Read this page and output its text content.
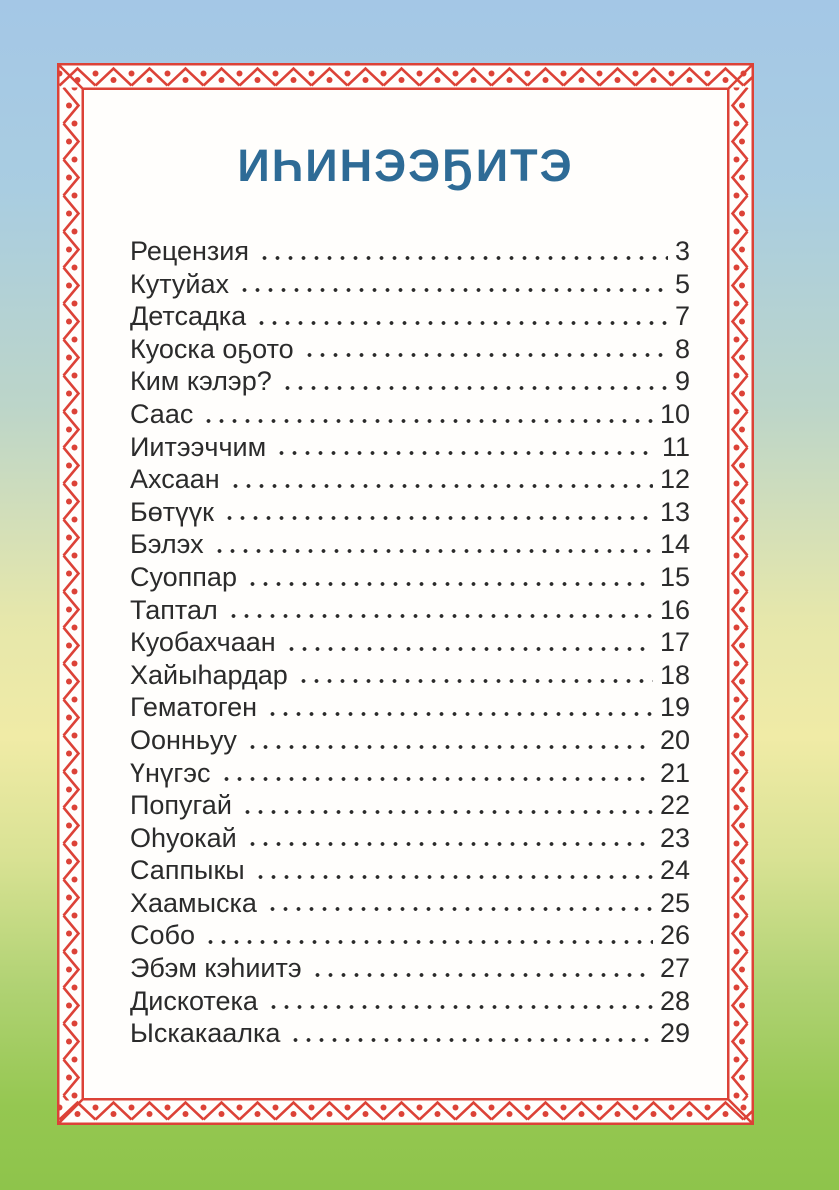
ИҺИНЭЭҔИТЭ
Рецензия	3
Кутуйах	5
Детсадка	7
Куоска оҕото	8
Ким кэлэр?	9
Саас	10
Иитээччим	11
Ахсаан	12
Бөтүүк	13
Бэлэх	14
Суоппар	15
Таптал	16
Куобахчаан	17
Хайыһардар	18
Гематоген	19
Оонньуу	20
Үнүгэс	21
Попугай	22
Оһуокай	23
Саппыкы	24
Хаамыска	25
Собо	26
Эбэм кэһиитэ	27
Дискотека	28
Ыскакаалка	29
